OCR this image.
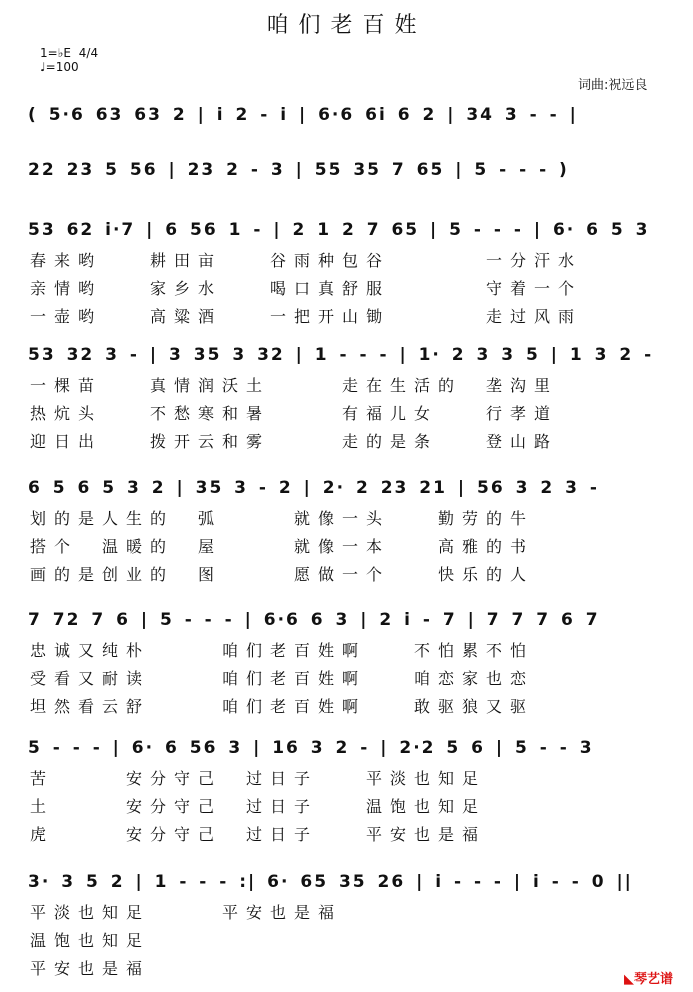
咱们老百姓
1=♭E 4/4
♩=100
词曲:祝远良
( 5·6 63 63 2 | i 2 - i | 6·6 6i 6 2 | 34 3 - - |
22 23 5 56 | 23 2 - 3 | 55 35 7 65 | 5 - - - )
53 62 i·7 | 6 56 1 - | 2 1 2 7 65 | 5 - - - | 6· 6 5 3
春来哟　　耕田亩　　谷雨种包谷　　　　一分汗水
亲情哟　　家乡水　　喝口真舒服　　　　守着一个
一壶哟　　高粱酒　　一把开山锄　　　　走过风雨
53 32 3 - | 3 35 3 32 | 1 - - - | 1· 2 3 3 5 | 1 3 2 -
一棵苗　　真情润沃土　　　走在生活的　垄沟里
热炕头　　不愁寒和暑　　　有福儿女　　行孝道
迎日出　　拨开云和雾　　　走的是条　　登山路
6 5 6 5 3 2 | 35 3 - 2 | 2· 2 23 21 | 56 3 2 3 -
划的是人生的　弧　　　就像一头　　勤劳的牛
搭个　温暖的　屋　　　就像一本　　高雅的书
画的是创业的　图　　　愿做一个　　快乐的人
7 72 7 6 | 5 - - - | 6·6 6 3 | 2 i - 7 | 7 7 7 6 7
忠诚又纯朴　　　咱们老百姓啊　　不怕累不怕
受看又耐读　　　咱们老百姓啊　　咱恋家也恋
坦然看云舒　　　咱们老百姓啊　　敢驱狼又驱
5 - - - | 6· 6 56 3 | 16 3 2 - | 2·2 5 6 | 5 - - 3
苦　　　安分守己　过日子　　平淡也知足
土　　　安分守己　过日子　　温饱也知足
虎　　　安分守己　过日子　　平安也是福
3· 3 5 2 | 1 - - - :| 6· 65 35 26 | i - - - | i - - 0 ||
平淡也知足　　　平安也是福
温饱也知足
平安也是福
◣琴艺谱
